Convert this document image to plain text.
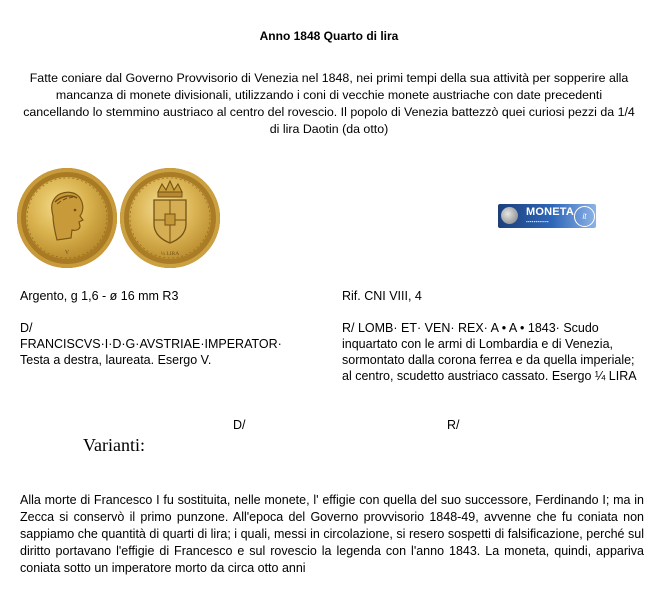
Anno 1848 Quarto di lira
Fatte coniare dal Governo Provvisorio di Venezia nel 1848, nei primi tempi della sua attività per sopperire alla mancanza di monete divisionali, utilizzando i coni di vecchie monete austriache con date precedenti cancellando lo stemmino austriaco al centro del rovescio. Il popolo di Venezia battezzò quei curiosi pezzi da 1/4 di lira Daotin (da otto)
V	¼ LIRA
MONETA
▪▪▪▪▪▪▪▪▪▪▪▪
it
Argento, g 1,6 - ø 16 mm R3	Rif. CNI VIII, 4
D/
FRANCISCVS·I·D·G·AVSTRIAE·IMPERATOR·
Testa a destra, laureata. Esergo V.
R/ LOMB· ET· VEN· REX· A • A • 1843· Scudo inquartato con le armi di Lombardia e di Venezia, sormontato dalla corona ferrea e da quella imperiale; al centro, scudetto austriaco cassato. Esergo ¼ LIRA
D/	R/
Varianti:
Alla morte di Francesco I fu sostituita, nelle monete, l' effigie con quella del suo successore, Ferdinando I; ma in Zecca si conservò il primo punzone. All'epoca del Governo provvisorio 1848-49, avvenne che fu coniata non sappiamo che quantità di quarti di lira; i quali, messi in circolazione, si resero sospetti di falsificazione, perché sul diritto portavano l'effigie di Francesco e sul rovescio la legenda con l'anno 1843. La moneta, quindi, appariva coniata sotto un imperatore morto da circa otto anni
